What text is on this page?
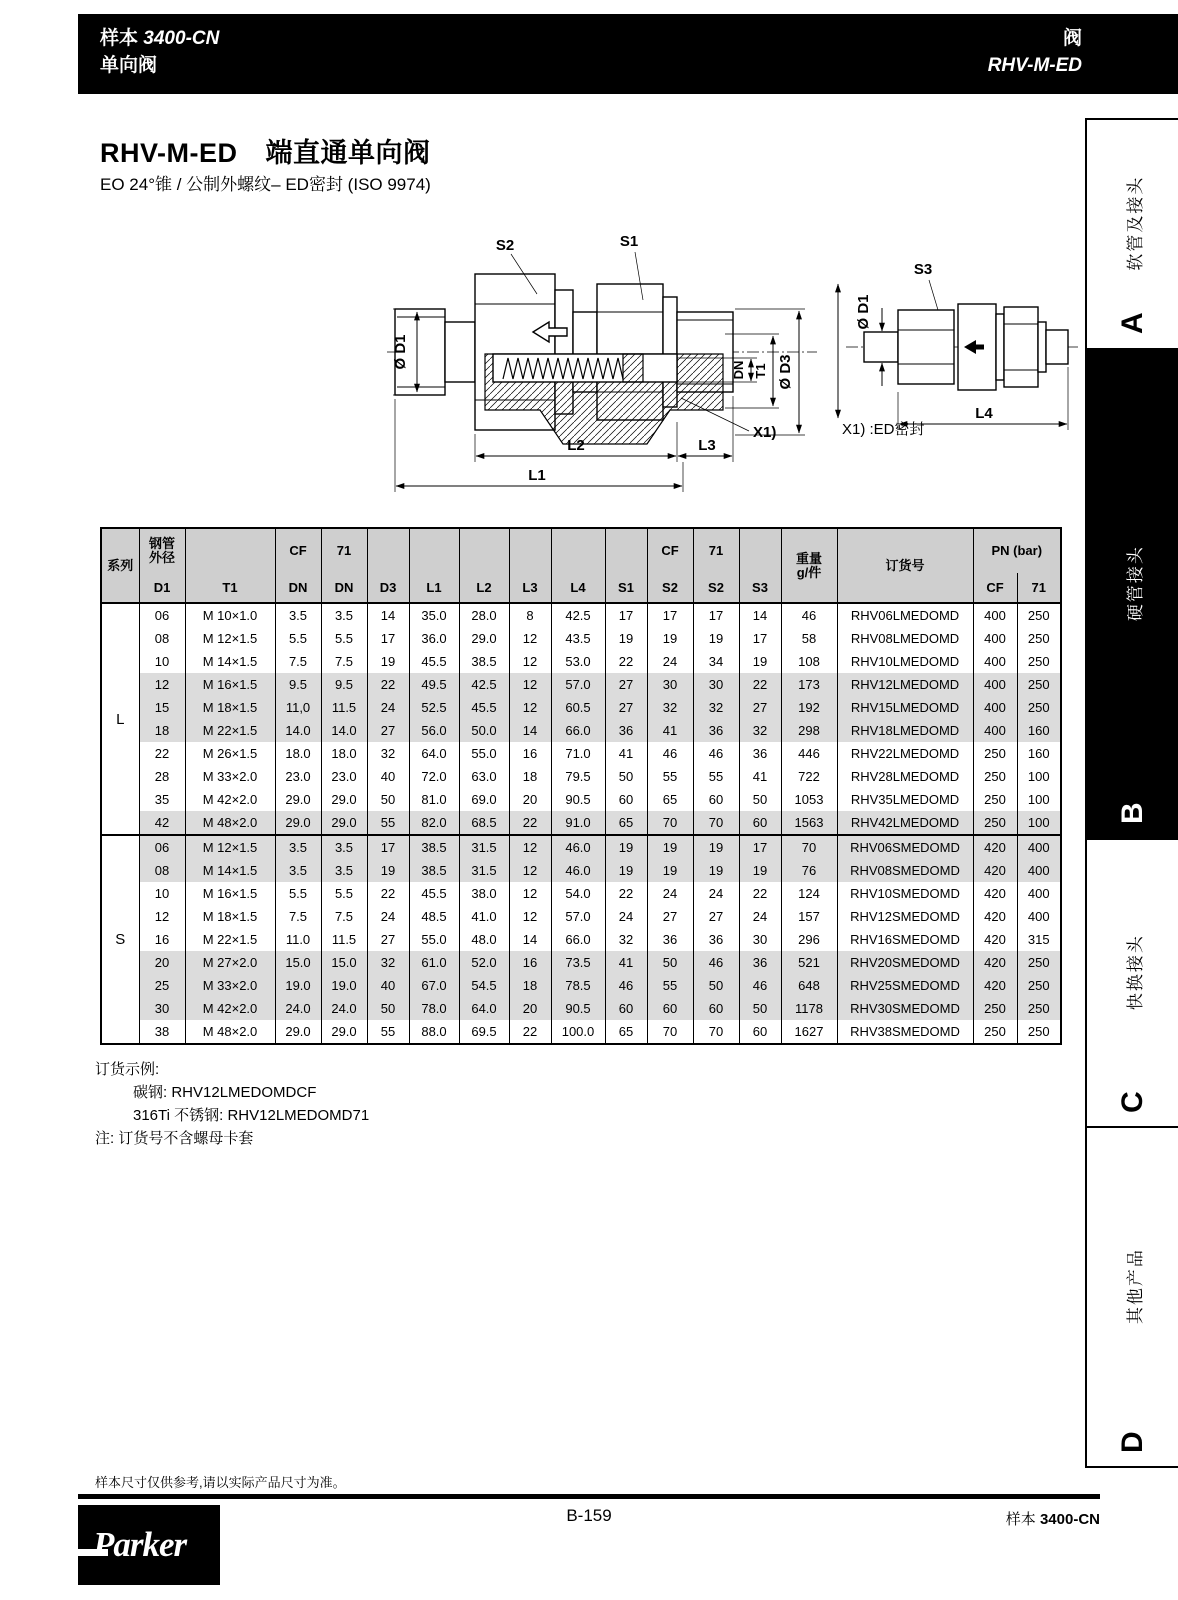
样本 3400-CN
单向阀
阀
RHV-M-ED
RHV-M-ED 端直通单向阀
EO 24°锥 / 公制外螺纹– ED密封 (ISO 9974)
S2	S1
Ø D1
DN T1 Ø D3
X1)
L2	L3
L1
Ø D1
S3
L4
X1) :ED密封
系列	钢管
外径		CF	71							CF	71		重量
g/件	订货号	PN (bar)	
	D1	T1	DN	DN	D3	L1	L2	L3	L4	S1	S2	S2	S3			CF	71
L	06	M 10×1.0	3.5	3.5	14	35.0	28.0	8	42.5	17	17	17	14	46	RHV06LMEDOMD	400	250
	08	M 12×1.5	5.5	5.5	17	36.0	29.0	12	43.5	19	19	19	17	58	RHV08LMEDOMD	400	250
	10	M 14×1.5	7.5	7.5	19	45.5	38.5	12	53.0	22	24	34	19	108	RHV10LMEDOMD	400	250
	12	M 16×1.5	9.5	9.5	22	49.5	42.5	12	57.0	27	30	30	22	173	RHV12LMEDOMD	400	250
	15	M 18×1.5	11,0	11.5	24	52.5	45.5	12	60.5	27	32	32	27	192	RHV15LMEDOMD	400	250
	18	M 22×1.5	14.0	14.0	27	56.0	50.0	14	66.0	36	41	36	32	298	RHV18LMEDOMD	400	160
	22	M 26×1.5	18.0	18.0	32	64.0	55.0	16	71.0	41	46	46	36	446	RHV22LMEDOMD	250	160
	28	M 33×2.0	23.0	23.0	40	72.0	63.0	18	79.5	50	55	55	41	722	RHV28LMEDOMD	250	100
	35	M 42×2.0	29.0	29.0	50	81.0	69.0	20	90.5	60	65	60	50	1053	RHV35LMEDOMD	250	100
	42	M 48×2.0	29.0	29.0	55	82.0	68.5	22	91.0	65	70	70	60	1563	RHV42LMEDOMD	250	100
S	06	M 12×1.5	3.5	3.5	17	38.5	31.5	12	46.0	19	19	19	17	70	RHV06SMEDOMD	420	400
	08	M 14×1.5	3.5	3.5	19	38.5	31.5	12	46.0	19	19	19	19	76	RHV08SMEDOMD	420	400
	10	M 16×1.5	5.5	5.5	22	45.5	38.0	12	54.0	22	24	24	22	124	RHV10SMEDOMD	420	400
	12	M 18×1.5	7.5	7.5	24	48.5	41.0	12	57.0	24	27	27	24	157	RHV12SMEDOMD	420	400
	16	M 22×1.5	11.0	11.5	27	55.0	48.0	14	66.0	32	36	36	30	296	RHV16SMEDOMD	420	315
	20	M 27×2.0	15.0	15.0	32	61.0	52.0	16	73.5	41	50	46	36	521	RHV20SMEDOMD	420	250
	25	M 33×2.0	19.0	19.0	40	67.0	54.5	18	78.5	46	55	50	46	648	RHV25SMEDOMD	420	250
	30	M 42×2.0	24.0	24.0	50	78.0	64.0	20	90.5	60	60	60	50	1178	RHV30SMEDOMD	250	250
	38	M 48×2.0	29.0	29.0	55	88.0	69.5	22	100.0	65	70	70	60	1627	RHV38SMEDOMD	250	250
订货示例:
碳钢: RHV12LMEDOMDCF
316Ti 不锈钢: RHV12LMEDOMD71
注: 订货号不含螺母卡套
样本尺寸仅供参考,请以实际产品尺寸为准。
Parker
B-159	样本 3400-CN
A
软管及接头
B
硬管接头
C
快换接头
D
其他产品
